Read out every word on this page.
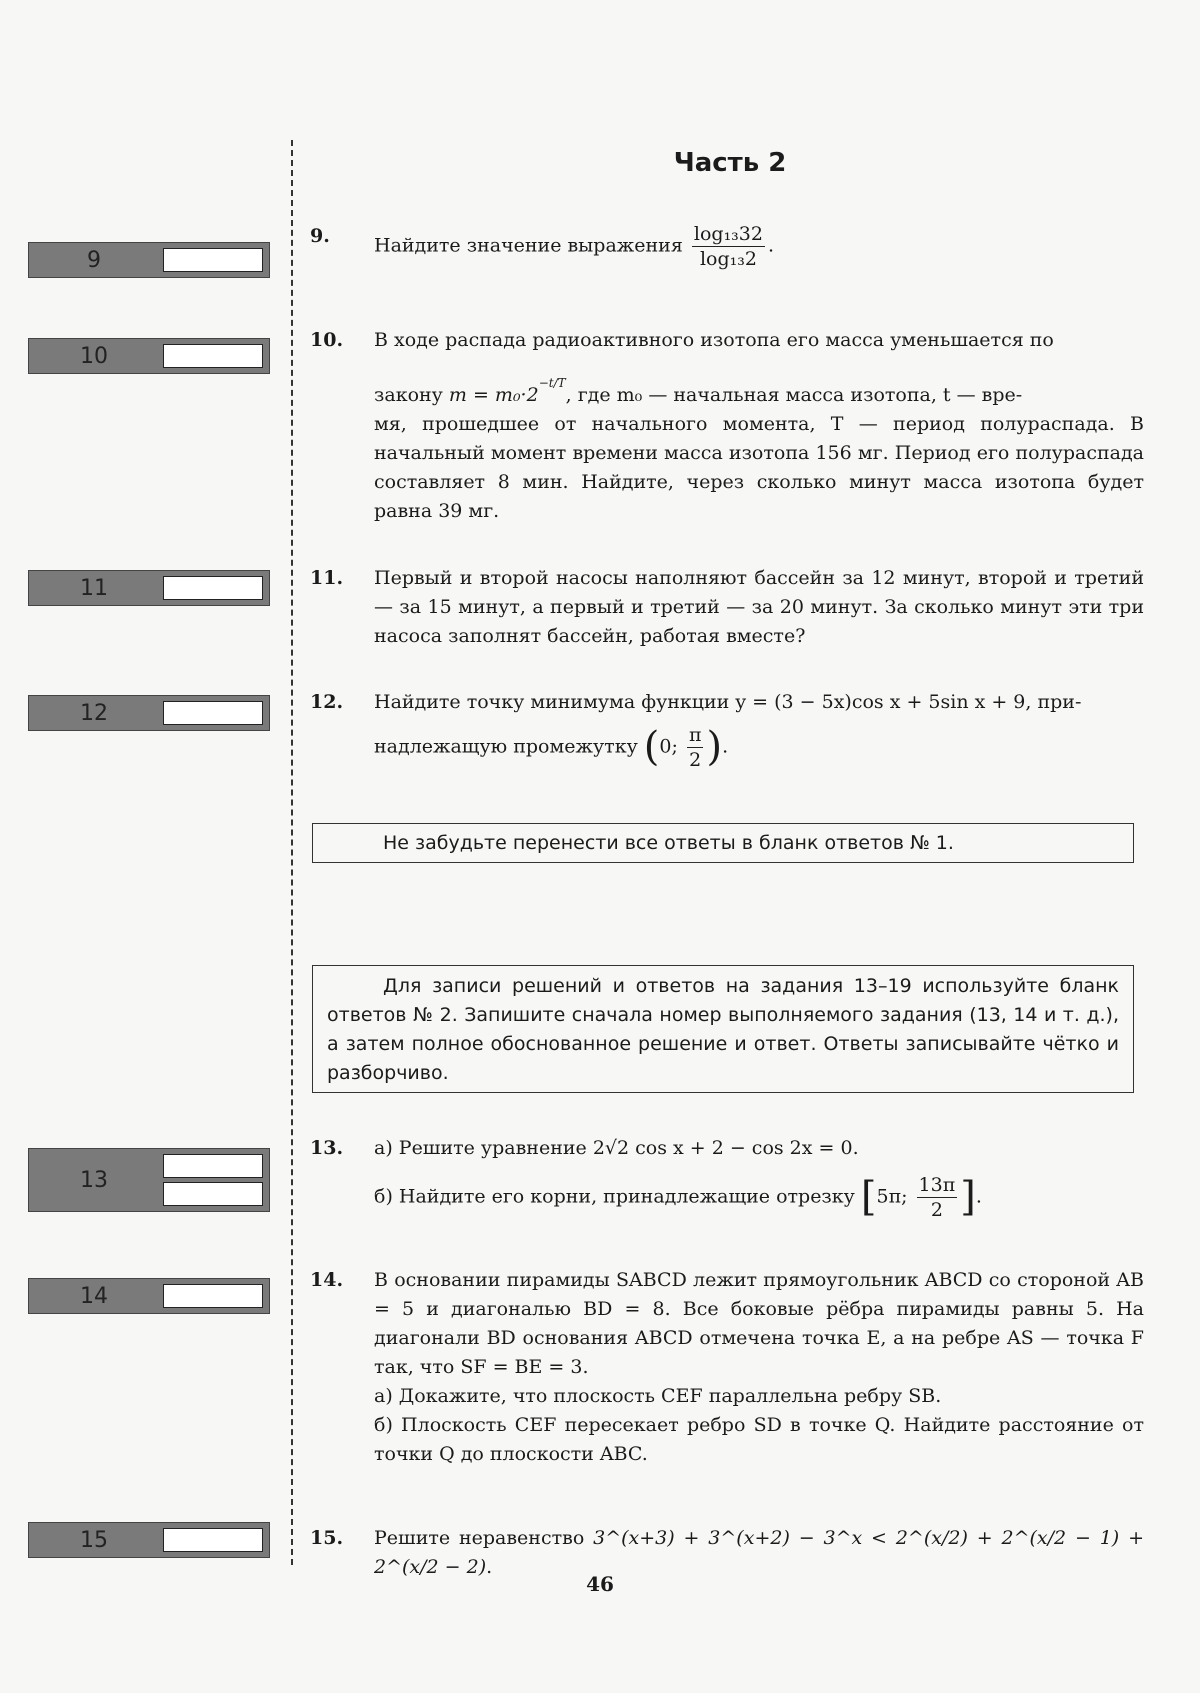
Часть 2
9
10
11
12
13
14
15
9. Найдите значение выражения $\frac{\text{log₁₃32}}{\text{log₁₃2}}$ .
10. В ходе распада радиоактивного изотопа его масса уменьшается по

закону $m = m_0\cdot 2^{-t/T}$, где m₀ — начальная масса изотопа, t — вре-

мя, прошедшее от начального момента, T — период полураспада. В начальный момент времени масса изотопа 156 мг. Период его полураспада составляет 8 мин. Найдите, через сколько минут масса изотопа будет равна 39 мг.

11. Первый и второй насосы наполняют бассейн за 12 минут, второй и третий — за 15 минут, а первый и третий — за 20 минут. За сколько минут эти три насоса заполнят бассейн, работая вместе?

12. Найдите точку минимума функции y = (3 − 5x)cos x + 5sin x + 9, при-

надлежащую промежутку (0; $\frac{\pi}{2}$ ).

Не забудьте перенести все ответы в бланк ответов № 1.
Для записи решений и ответов на задания 13–19 используйте бланк ответов № 2. Запишите сначала номер выполняемого задания (13, 14 и т. д.), а затем полное обоснованное решение и ответ. Ответы записывайте чётко и разборчиво.
13. а) Решите уравнение 2√2 cos x + 2 − cos 2x = 0.

б) Найдите его корни, принадлежащие отрезку [5π; $\frac{13\pi}{2}$ ].

14. В основании пирамиды SABCD лежит прямоугольник ABCD со стороной AB = 5 и диагональю BD = 8. Все боковые рёбра пирамиды равны 5. На диагонали BD основания ABCD отмечена точка E, а на ребре AS — точка F так, что SF = BE = 3.

а) Докажите, что плоскость CEF параллельна ребру SB.

б) Плоскость CEF пересекает ребро SD в точке Q. Найдите расстояние от точки Q до плоскости ABC.

15. Решите неравенство 3^(x+3) + 3^(x+2) − 3^x < 2^(x/2) + 2^(x/2 − 1) + 2^(x/2 − 2).
46
